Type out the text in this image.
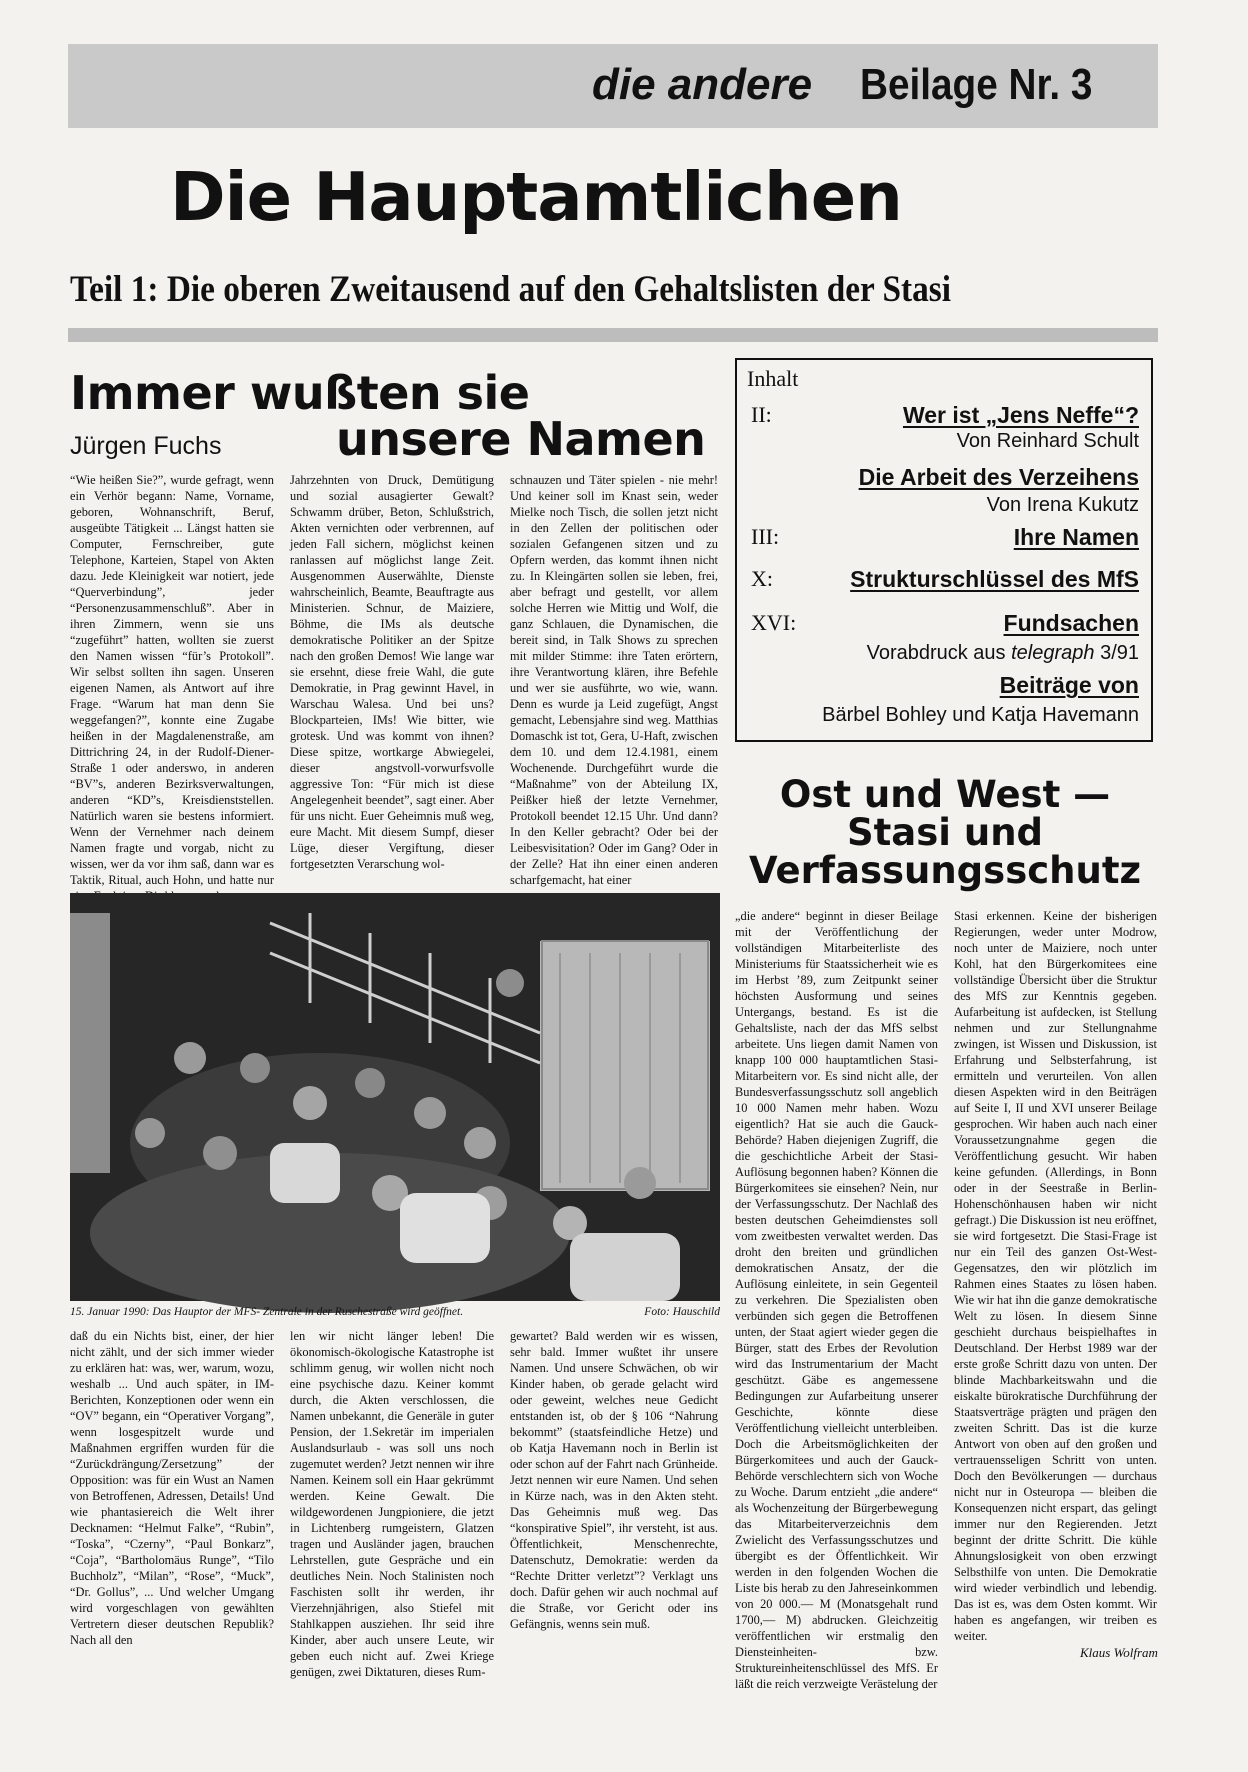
die andere Beilage Nr. 3
Die Hauptamtlichen
Teil 1: Die oberen Zweitausend auf den Gehaltslisten der Stasi
Immer wußten sie
unsere Namen
Jürgen Fuchs

“Wie heißen Sie?”, wurde gefragt, wenn ein Verhör begann: Name, Vorname, geboren, Wohnanschrift, Beruf, ausgeübte Tätigkeit ... Längst hatten sie Computer, Fernschreiber, gute Telephone, Karteien, Stapel von Akten dazu. Jede Kleinigkeit war notiert, jede “Querverbindung”, jeder “Personenzusammenschluß”. Aber in ihren Zimmern, wenn sie uns “zugeführt” hatten, wollten sie zuerst den Namen wissen “für’s Protokoll”. Wir selbst sollten ihn sagen. Unseren eigenen Namen, als Antwort auf ihre Frage. “Warum hat man denn Sie weggefangen?”, konnte eine Zugabe heißen in der Magdalenenstraße, am Dittrichring 24, in der Rudolf-Diener-Straße 1 oder anderswo, in anderen “BV”s, anderen Bezirksverwaltungen, anderen “KD”s, Kreisdienststellen. Natürlich waren sie bestens informiert. Wenn der Vernehmer nach deinem Namen fragte und vorgab, nicht zu wissen, wer da vor ihm saß, dann war es Taktik, Ritual, auch Hohn, und hatte nur

Jahrzehnten von Druck, Demütigung und sozial ausagierter Gewalt? Schwamm drüber, Beton, Schlußstrich, Akten vernichten oder verbrennen, auf jeden Fall sichern, möglichst keinen ranlassen auf möglichst lange Zeit. Ausgenommen Auserwählte, Dienste wahrscheinlich, Beamte, Beauftragte aus Ministerien. Schnur, de Maiziere, Böhme, die IMs als deutsche demokratische Politiker an der Spitze nach den großen Demos! Wie lange war sie ersehnt, diese freie Wahl, die gute Demokratie, in Prag gewinnt Havel, in Warschau Walesa. Und bei uns? Blockparteien, IMs! Wie bitter, wie grotesk. Und was kommt von ihnen? Diese spitze, wortkarge Abwiegelei, dieser angstvoll-vorwurfsvolle aggressive Ton: “Für mich ist diese Angelegenheit beendet”, sagt einer. Aber für uns nicht. Euer Geheimnis muß weg, eure Macht. Mit diesem Sumpf, dieser Lüge, dieser Vergiftung, dieser fortgesetzten Verarschung wol-

schnauzen und Täter spielen - nie mehr! Und keiner soll im Knast sein, weder Mielke noch Tisch, die sollen jetzt nicht in den Zellen der politischen oder sozialen Gefangenen sitzen und zu Opfern werden, das kommt ihnen nicht zu. In Kleingärten sollen sie leben, frei, aber befragt und gestellt, vor allem solche Herren wie Mittig und Wolf, die ganz Schlauen, die Dynamischen, die bereit sind, in Talk Shows zu sprechen mit milder Stimme: ihre Taten erörtern, ihre Verantwortung klären, ihre Befehle und wer sie ausführte, wo wie, wann. Denn es wurde ja Leid zugefügt, Angst gemacht, Lebensjahre sind weg. Matthias Domaschk ist tot, Gera, U-Haft, zwischen dem 10. und dem 12.4.1981, einem Wochenende. Durchgeführt wurde die “Maßnahme” von der Abteilung IX, Peißker hieß der letzte Vernehmer, Protokoll beendet 12.15 Uhr. Und dann? In den Keller gebracht? Oder bei der Leibesvisitation? Oder im Gang? Oder in der Zelle? Hat ihn einer einen anderen scharfgemacht, hat einer

Inhalt
II:	Wer ist „Jens Neffe“?
Von Reinhard Schult
Die Arbeit des Verzeihens
Von Irena Kukutz
III:	Ihre Namen
X:	Strukturschlüssel des MfS
XVI:	Fundsachen
Vorabdruck aus telegraph 3/91
Beiträge von
Bärbel Bohley und Katja Havemann
Ost und West —
Stasi und
Verfassungsschutz
15. Januar 1990: Das Hauptor der MFS- Zentrale in der Ruschestraße wird geöffnet.	Foto: Hauschild

daß du ein Nichts bist, einer, der hier nicht zählt, und der sich immer wieder zu erklären hat: was, wer, warum, wozu, weshalb ... Und auch später, in IM-Berichten, Konzeptionen oder wenn ein “OV” begann, ein “Operativer Vorgang”, wenn losgespitzelt wurde und Maßnahmen ergriffen wurden für die “Zurückdrängung/Zersetzung” der Opposition: was für ein Wust an Namen von Betroffenen, Adressen, Details! Und wie phantasiereich die Welt ihrer Decknamen: “Helmut Falke”, “Rubin”, “Toska”, “Czerny”, “Paul Bonkarz”, “Coja”, “Bartholomäus Runge”, “Tilo Buchholz”, “Milan”, “Rose”, “Muck”, “Dr. Gollus”, ... Und welcher Umgang wird vorgeschlagen von gewählten Vertretern dieser deutschen Republik? Nach all den

len wir nicht länger leben! Die ökonomisch-ökologische Katastrophe ist schlimm genug, wir wollen nicht noch eine psychische dazu. Keiner kommt durch, die Akten verschlossen, die Namen unbekannt, die Generäle in guter Pension, der 1.Sekretär im imperialen Auslandsurlaub - was soll uns noch zugemutet werden? Jetzt nennen wir ihre Namen. Keinem soll ein Haar gekrümmt werden. Keine Gewalt. Die wildgewordenen Jungpioniere, die jetzt in Lichtenberg rumgeistern, Glatzen tragen und Ausländer jagen, brauchen Lehrstellen, gute Gespräche und ein deutliches Nein. Noch Stalinisten noch Faschisten sollt ihr werden, ihr Vierzehnjährigen, also Stiefel mit Stahlkappen ausziehen. Ihr seid ihre Kinder, aber auch unsere Leute, wir geben euch nicht auf. Zwei Kriege genügen, zwei Diktaturen, dieses Rum-

gewartet? Bald werden wir es wissen, sehr bald. Immer wußtet ihr unsere Namen. Und unsere Schwächen, ob wir Kinder haben, ob gerade gelacht wird oder geweint, welches neue Gedicht entstanden ist, ob der § 106 “Nahrung bekommt” (staatsfeindliche Hetze) und ob Katja Havemann noch in Berlin ist oder schon auf der Fahrt nach Grünheide. Jetzt nennen wir eure Namen. Und sehen in Kürze nach, was in den Akten steht. Das Geheimnis muß weg. Das “konspirative Spiel”, ihr versteht, ist aus. Öffentlichkeit, Menschenrechte, Datenschutz, Demokratie: werden da “Rechte Dritter verletzt”? Verklagt uns doch. Dafür gehen wir auch nochmal auf die Straße, vor Gericht oder ins Gefängnis, wenns sein muß.

„die andere“ beginnt in dieser Beilage mit der Veröffentlichung der vollständigen Mitarbeiterliste des Ministeriums für Staatssicherheit wie es im Herbst ’89, zum Zeitpunkt seiner höchsten Ausformung und seines Untergangs, bestand. Es ist die Gehaltsliste, nach der das MfS selbst arbeitete. Uns liegen damit Namen von knapp 100 000 hauptamtlichen Stasi-Mitarbeitern vor. Es sind nicht alle, der Bundesverfassungsschutz soll angeblich 10 000 Namen mehr haben. Wozu eigentlich? Hat sie auch die Gauck-Behörde? Haben diejenigen Zugriff, die die geschichtliche Arbeit der Stasi-Auflösung begonnen haben? Können die Bürgerkomitees sie einsehen? Nein, nur der Verfassungsschutz. Der Nachlaß des besten deutschen Geheimdienstes soll vom zweitbesten verwaltet werden. Das droht den breiten und gründlichen demokratischen Ansatz, der die Auflösung einleitete, in sein Gegenteil zu verkehren. Die Spezialisten oben verbünden sich gegen die Betroffenen unten, der Staat agiert wieder gegen die Bürger, statt des Erbes der Revolution wird das Instrumentarium der Macht geschützt. Gäbe es angemessene Bedingungen zur Aufarbeitung unserer Geschichte, könnte diese Veröffentlichung vielleicht unterbleiben. Doch die Arbeitsmöglichkeiten der Bürgerkomitees und auch der Gauck-Behörde verschlechtern sich von Woche zu Woche. Darum entzieht „die andere“ als Wochenzeitung der Bürgerbewegung das Mitarbeiterverzeichnis dem Zwielicht des Verfassungsschutzes und übergibt es der Öffentlichkeit. Wir werden in den folgenden Wochen die Liste bis herab zu den Jahreseinkommen von 20 000.— M (Monatsgehalt rund 1700,— M) abdrucken. Gleichzeitig veröffentlichen wir erstmalig den Diensteinheiten- bzw. Struktureinheitenschlüssel des MfS. Er läßt die reich verzweigte Verästelung der

Stasi erkennen. Keine der bisherigen Regierungen, weder unter Modrow, noch unter de Maiziere, noch unter Kohl, hat den Bürgerkomitees eine vollständige Übersicht über die Struktur des MfS zur Kenntnis gegeben. Aufarbeitung ist aufdecken, ist Stellung nehmen und zur Stellungnahme zwingen, ist Wissen und Diskussion, ist Erfahrung und Selbsterfahrung, ist ermitteln und verurteilen. Von allen diesen Aspekten wird in den Beiträgen auf Seite I, II und XVI unserer Beilage gesprochen. Wir haben auch nach einer Voraussetzungnahme gegen die Veröffentlichung gesucht. Wir haben keine gefunden. (Allerdings, in Bonn oder in der Seestraße in Berlin-Hohenschönhausen haben wir nicht gefragt.) Die Diskussion ist neu eröffnet, sie wird fortgesetzt. Die Stasi-Frage ist nur ein Teil des ganzen Ost-West-Gegensatzes, den wir plötzlich im Rahmen eines Staates zu lösen haben. Wie wir hat ihn die ganze demokratische Welt zu lösen. In diesem Sinne geschieht durchaus beispielhaftes in Deutschland. Der Herbst 1989 war der erste große Schritt dazu von unten. Der blinde Machbarkeitswahn und die eiskalte bürokratische Durchführung der Staatsverträge prägten und prägen den zweiten Schritt. Das ist die kurze Antwort von oben auf den großen und vertrauensseligen Schritt von unten. Doch den Bevölkerungen — durchaus nicht nur in Osteuropa — bleiben die Konsequenzen nicht erspart, das gelingt immer nur den Regierenden. Jetzt beginnt der dritte Schritt. Die kühle Ahnungslosigkeit von oben erzwingt Selbsthilfe von unten. Die Demokratie wird wieder verbindlich und lebendig. Das ist es, was dem Osten kommt. Wir haben es angefangen, wir treiben es weiter.

Klaus Wolfram
